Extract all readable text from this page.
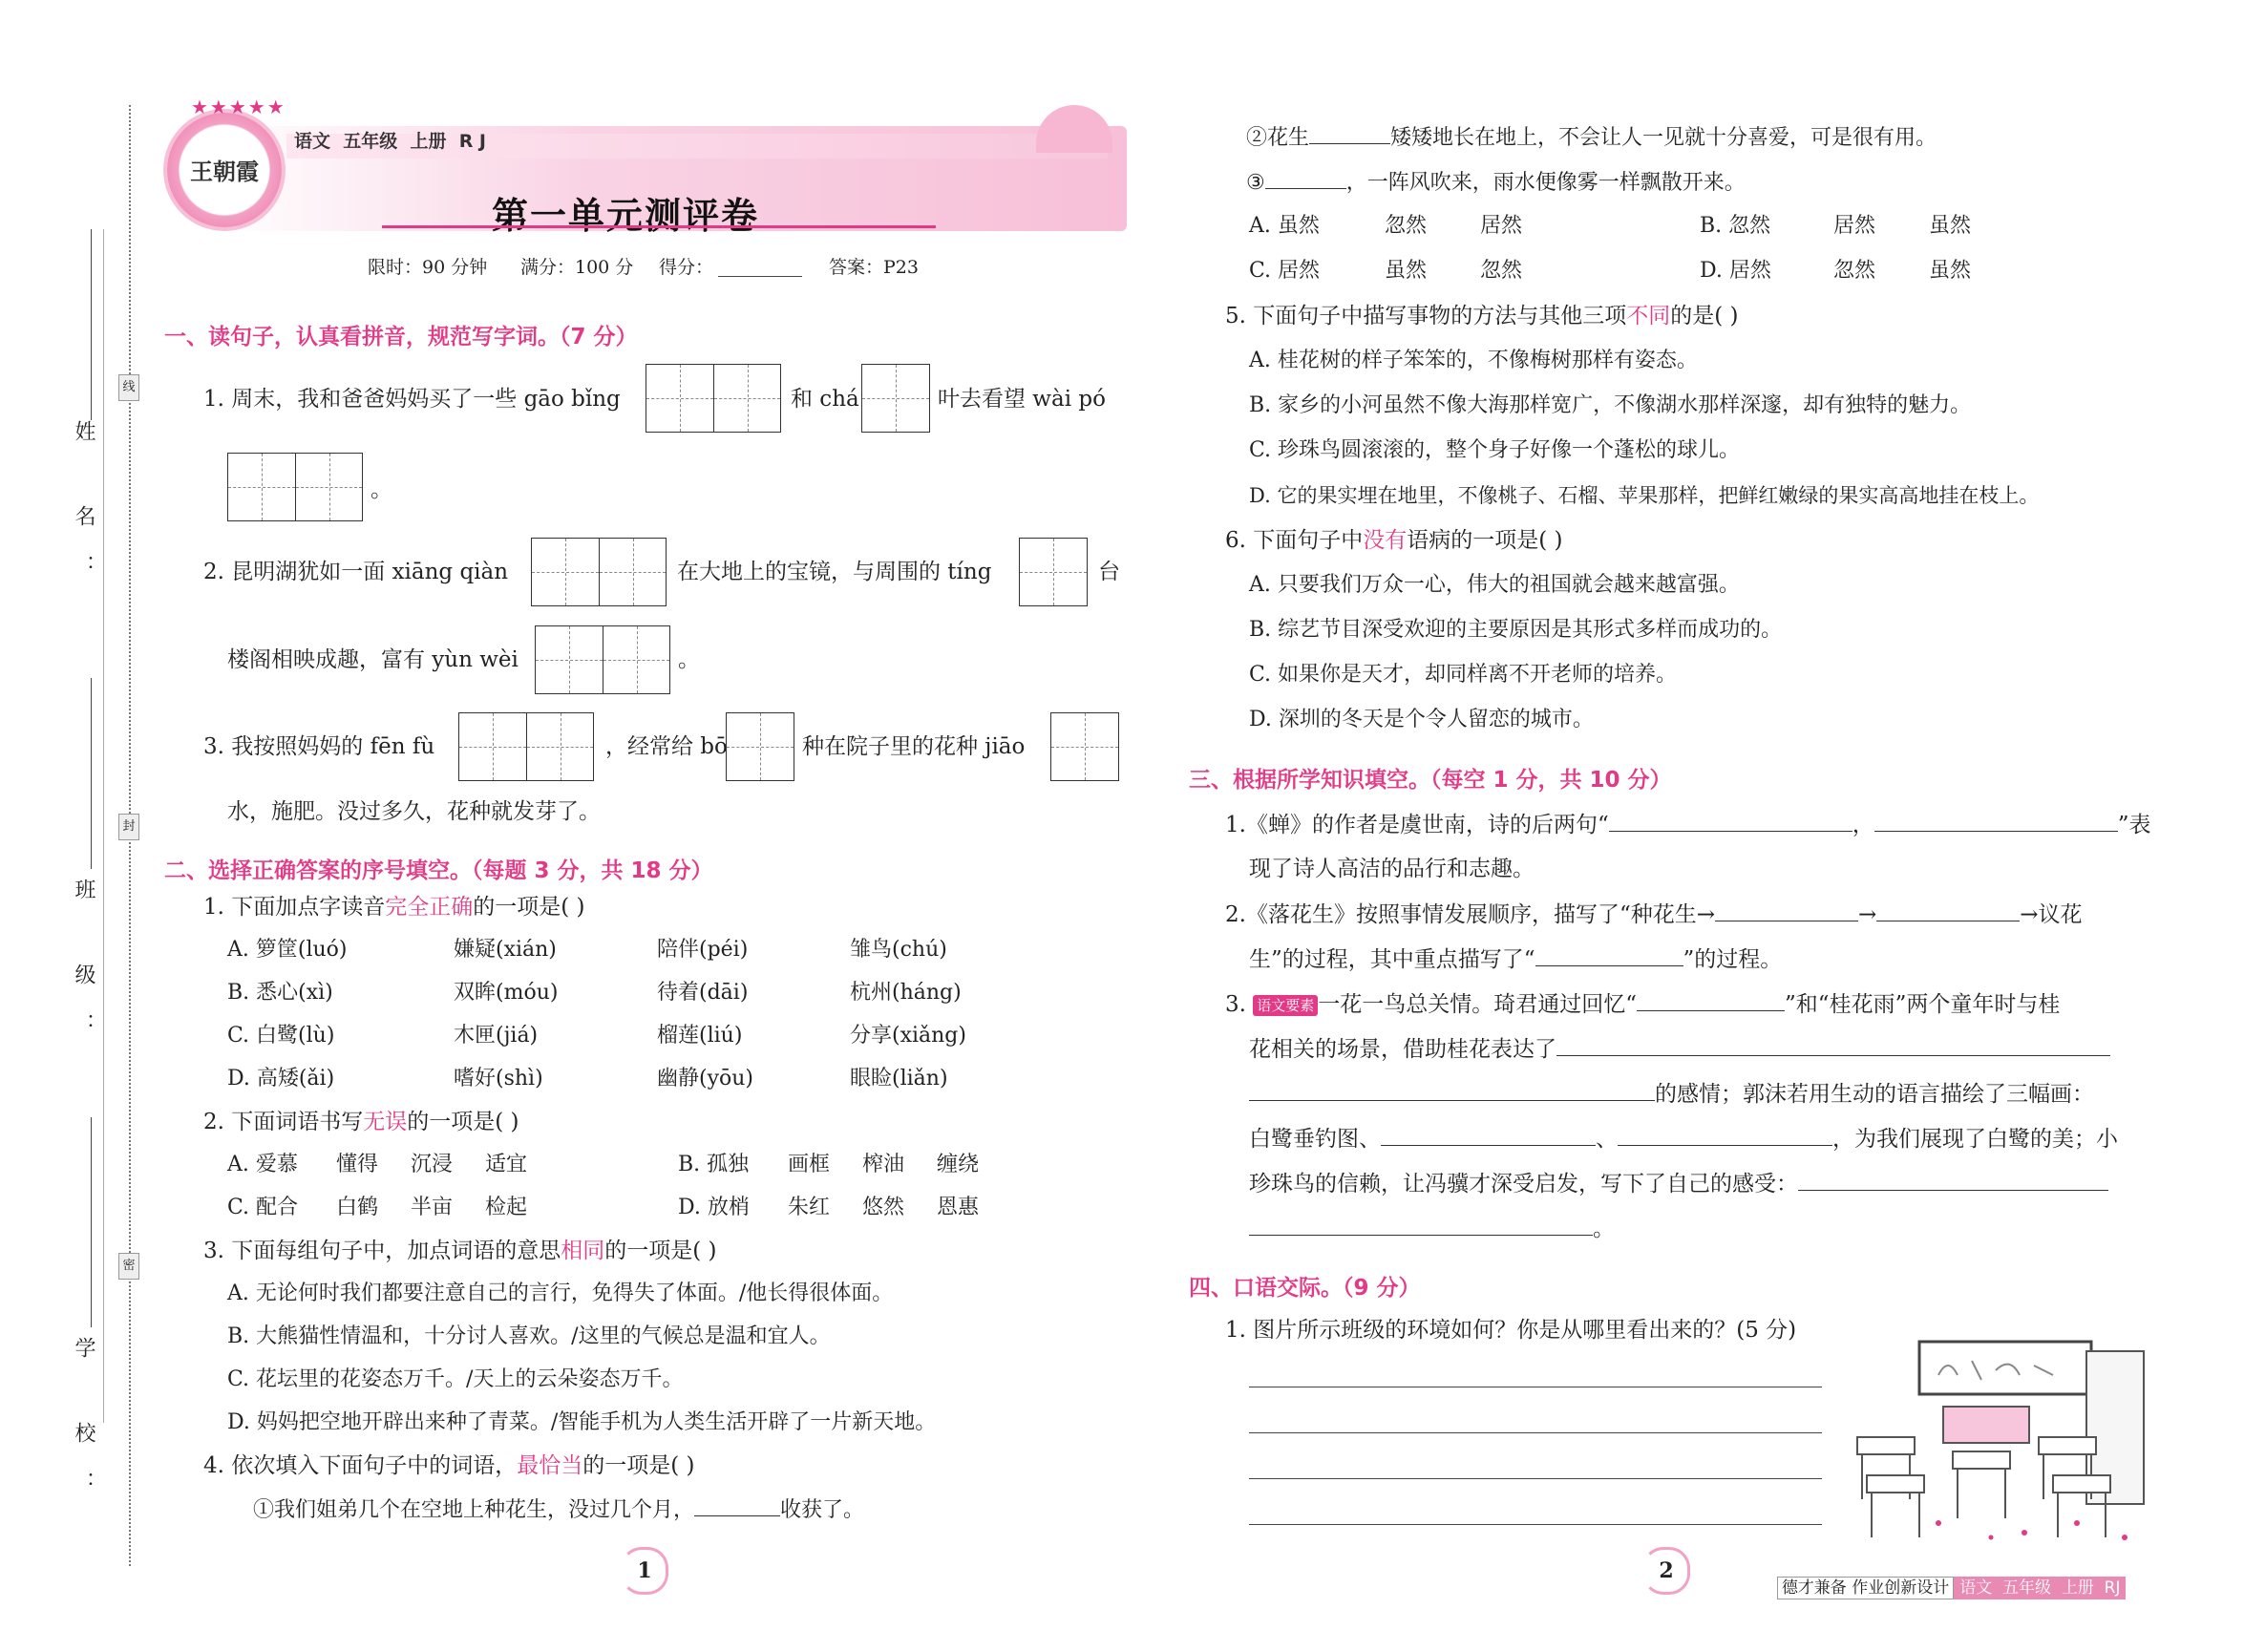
姓 名：
班 级：
学 校：
线
封
密
王朝霞
★★★★★
语文  五年级  上册  R J
第一单元测评卷
限时：90 分钟 满分：100 分 得分：	答案：P23
一、读句子，认真看拼音，规范写字词。（7 分）
1. 周末，我和爸爸妈妈买了一些 gāo bǐng	和 chá	叶去看望 wài pó
。
2. 昆明湖犹如一面 xiāng qiàn	在大地上的宝镜，与周围的 tíng	台
楼阁相映成趣，富有 yùn wèi	。
3. 我按照妈妈的 fēn fù	，经常给 bō	种在院子里的花种 jiāo
水，施肥。没过多久，花种就发芽了。
二、选择正确答案的序号填空。（每题 3 分，共 18 分）
1. 下面加点字读音完全正确的一项是( )
A. 箩筐(luó)	嫌疑(xián)	陪伴(péi)	雏鸟(chú)
B. 悉心(xì)	双眸(móu)	待着(dāi)	杭州(háng)
C. 白鹭(lù)	木匣(jiá)	榴莲(liú)	分享(xiǎng)
D. 高矮(ǎi)	嗜好(shì)	幽静(yōu)	眼睑(liǎn)
2. 下面词语书写无误的一项是( )
A. 爱慕 懂得 沉浸 适宜	B. 孤独 画框 榨油 缠绕
C. 配合 白鹤 半亩 检起	D. 放梢 朱红 悠然 恩惠
3. 下面每组句子中，加点词语的意思相同的一项是( )
A. 无论何时我们都要注意自己的言行，免得失了体面。/他长得很体面。
B. 大熊猫性情温和，十分讨人喜欢。/这里的气候总是温和宜人。
C. 花坛里的花姿态万千。/天上的云朵姿态万千。
D. 妈妈把空地开辟出来种了青菜。/智能手机为人类生活开辟了一片新天地。
4. 依次填入下面句子中的词语，最恰当的一项是( )
①我们姐弟几个在空地上种花生，没过几个月，	收获了。
②花生	矮矮地长在地上，不会让人一见就十分喜爱，可是很有用。
③	，一阵风吹来，雨水便像雾一样飘散开来。
A. 虽然	忽然	居然	B. 忽然	居然	虽然
C. 居然	虽然	忽然	D. 居然	忽然	虽然
5. 下面句子中描写事物的方法与其他三项不同的是( )
A. 桂花树的样子笨笨的，不像梅树那样有姿态。
B. 家乡的小河虽然不像大海那样宽广，不像湖水那样深邃，却有独特的魅力。
C. 珍珠鸟圆滚滚的，整个身子好像一个蓬松的球儿。
D. 它的果实埋在地里，不像桃子、石榴、苹果那样，把鲜红嫩绿的果实高高地挂在枝上。
6. 下面句子中没有语病的一项是( )
A. 只要我们万众一心，伟大的祖国就会越来越富强。
B. 综艺节目深受欢迎的主要原因是其形式多样而成功的。
C. 如果你是天才，却同样离不开老师的培养。
D. 深圳的冬天是个令人留恋的城市。
三、根据所学知识填空。（每空 1 分，共 10 分）
1.《蝉》的作者是虞世南，诗的后两句“	，	”表
现了诗人高洁的品行和志趣。
2.《落花生》按照事情发展顺序，描写了“种花生→	→	→议花
生”的过程，其中重点描写了“	”的过程。
3. 语文要素 一花一鸟总关情。琦君通过回忆“	”和“桂花雨”两个童年时与桂
花相关的场景，借助桂花表达了
的感情；郭沫若用生动的语言描绘了三幅画：
白鹭垂钓图、	、	，为我们展现了白鹭的美；小
珍珠鸟的信赖，让冯骥才深受启发，写下了自己的感受：
。
四、口语交际。（9 分）
1. 图片所示班级的环境如何？你是从哪里看出来的？(5 分)
1	2

德才兼备 作业创新设计 语文  五年级  上册  RJ
